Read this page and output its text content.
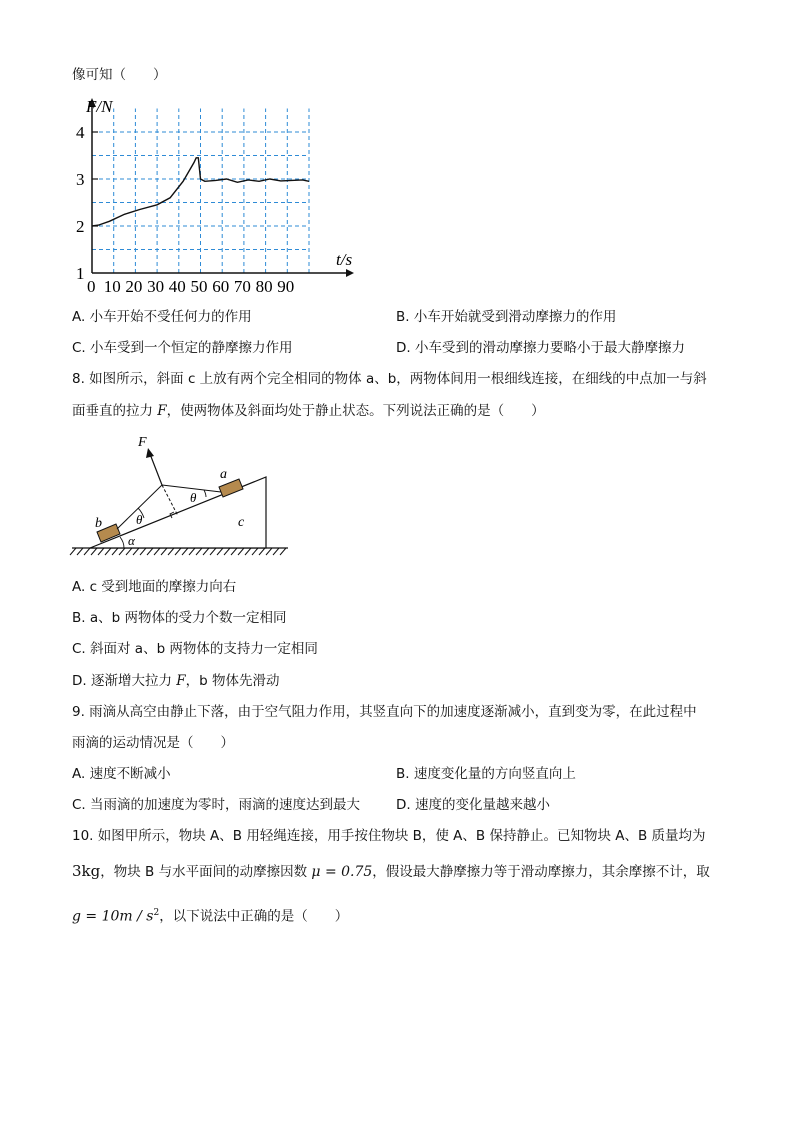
像可知（　　）
1
2
3
4
0 10 20 30 40 50 60 70 80 90
F/N
t/s
A. 小车开始不受任何力的作用	B. 小车开始就受到滑动摩擦力的作用
C. 小车受到一个恒定的静摩擦力作用	D. 小车受到的滑动摩擦力要略小于最大静摩擦力
8. 如图所示，斜面 c 上放有两个完全相同的物体 a、b，两物体间用一根细线连接，在细线的中点加一与斜
面垂直的拉力 F，使两物体及斜面均处于静止状态。下列说法正确的是（　　）
F
a
b	c
θ
θ
α
A. c 受到地面的摩擦力向右
B. a、b 两物体的受力个数一定相同
C. 斜面对 a、b 两物体的支持力一定相同
D. 逐渐增大拉力 F，b 物体先滑动
9. 雨滴从高空由静止下落，由于空气阻力作用，其竖直向下的加速度逐渐减小，直到变为零，在此过程中
雨滴的运动情况是（　　）
A. 速度不断减小	B. 速度变化量的方向竖直向上
C. 当雨滴的加速度为零时，雨滴的速度达到最大	D. 速度的变化量越来越小
10. 如图甲所示，物块 A、B 用轻绳连接，用手按住物块 B，使 A、B 保持静止。已知物块 A、B 质量均为
3kg，物块 B 与水平面间的动摩擦因数 μ = 0.75，假设最大静摩擦力等于滑动摩擦力，其余摩擦不计，取
$g = 10m / s^2$，以下说法中正确的是（　　）
